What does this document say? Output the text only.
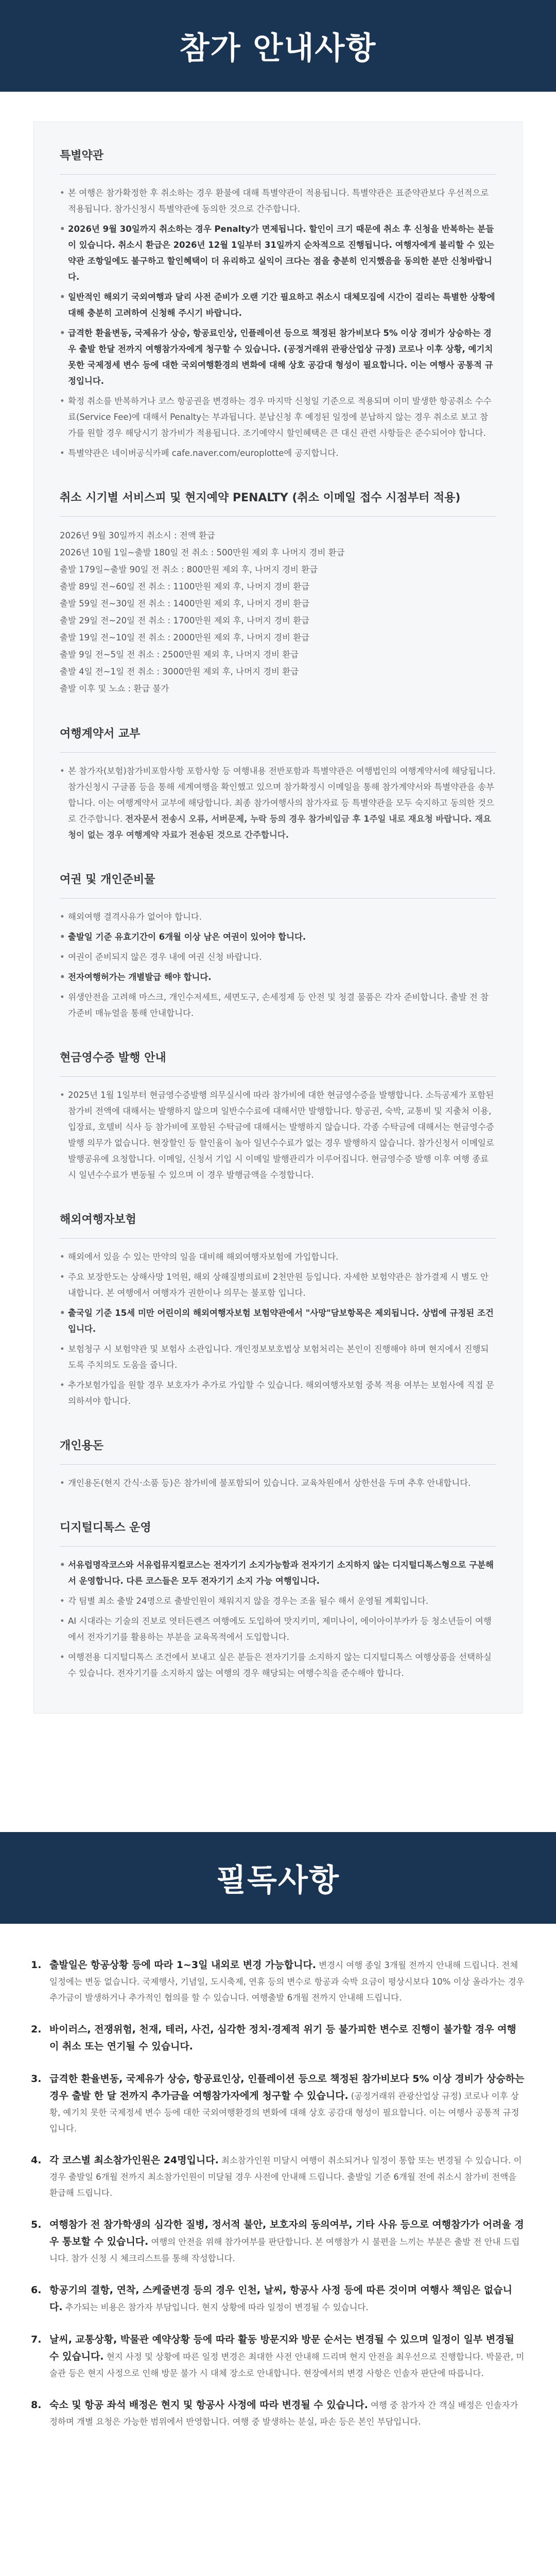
참가 안내사항
특별약관
• 본 여행은 참가확정한 후 취소하는 경우 환불에 대해 특별약관이 적용됩니다. 특별약관은 표준약관보다 우선적으로 적용됩니다. 참가신청시 특별약관에 동의한 것으로 간주합니다.
• 2026년 9월 30일까지 취소하는 경우 Penalty가 면제됩니다. 할인이 크기 때문에 취소 후 신청을 반복하는 분들이 있습니다. 취소시 환급은 2026년 12월 1일부터 31일까지 순차적으로 진행됩니다. 여행자에게 불리할 수 있는 약관 조항일에도 불구하고 할인혜택이 더 유리하고 실익이 크다는 점을 충분히 인지했음을 동의한 분만 신청바랍니다.
• 일반적인 해외기 국외여행과 달리 사전 준비가 오랜 기간 필요하고 취소시 대체모집에 시간이 걸리는 특별한 상황에 대해 충분히 고려하여 신청해 주시기 바랍니다.
• 급격한 환율변동, 국제유가 상승, 항공료인상, 인플레이션 등으로 책정된 참가비보다 5% 이상 경비가 상승하는 경우 출발 한달 전까지 여행참가자에게 청구할 수 있습니다. (공정거래위 관광산업상 규정) 코로나 이후 상황, 예기치 못한 국제정세 변수 등에 대한 국외여행환경의 변화에 대해 상호 공감대 형성이 필요합니다. 이는 여행사 공통적 규정입니다.
• 확정 취소를 반복하거나 코스 항공권을 변경하는 경우 마지막 신청일 기준으로 적용되며 이미 발생한 항공취소 수수료(Service Fee)에 대해서 Penalty는 부과됩니다. 분납신청 후 예정된 일정에 분납하지 않는 경우 취소로 보고 참가를 원할 경우 해당시기 참가비가 적용됩니다. 조기예약시 할인혜택은 큰 대신 관련 사항들은 준수되어야 합니다.
• 특별약관은 네이버공식카페 cafe.naver.com/europlotte에 공지합니다.
취소 시기별 서비스피 및 현지예약 PENALTY (취소 이메일 접수 시점부터 적용)
2026년 9월 30일까지 취소시 : 전액 환급
2026년 10월 1일~출발 180일 전 취소 : 500만원 제외 후 나머지 경비 환급
출발 179일~출발 90일 전 취소 : 800만원 제외 후, 나머지 경비 환급
출발 89일 전~60일 전 취소 : 1100만원 제외 후, 나머지 경비 환급
출발 59일 전~30일 전 취소 : 1400만원 제외 후, 나머지 경비 환급
출발 29일 전~20일 전 취소 : 1700만원 제외 후, 나머지 경비 환급
출발 19일 전~10일 전 취소 : 2000만원 제외 후, 나머지 경비 환급
출발 9일 전~5일 전 취소 : 2500만원 제외 후, 나머지 경비 환급
출발 4일 전~1일 전 취소 : 3000만원 제외 후, 나머지 경비 환급
출발 이후 및 노쇼 : 환급 불가
여행계약서 교부
• 본 참가자(보험)참가비포함사항 포함사항 등 여행내용 전반포함과 특별약관은 여행법인의 여행계약서에 해당됩니다. 참가신청시 구글폼 등을 통해 세계여행을 확인했고 있으며 참가확정시 이메일을 통해 참가계약서와 특별약관을 송부합니다. 이는 여행계약서 교부에 해당합니다. 최종 참가여행사의 참가자료 등 특별약관을 모두 숙지하고 동의한 것으로 간주합니다. 전자문서 전송시 오류, 서버문제, 누락 등의 경우 참가비입금 후 1주일 내로 재요청 바랍니다. 재요청이 없는 경우 여행계약 자료가 전송된 것으로 간주합니다.
여권 및 개인준비물
• 해외여행 결격사유가 없어야 합니다.
• 출발일 기준 유효기간이 6개월 이상 남은 여권이 있어야 합니다.
• 여권이 준비되지 않은 경우 내에 여권 신청 바랍니다.
• 전자여행허가는 개별발급 해야 합니다.
• 위생안전을 고려해 마스크, 개인수저세트, 세면도구, 손세정제 등 안전 및 청결 물품은 각자 준비합니다. 출발 전 참가준비 매뉴얼을 통해 안내합니다.
현금영수증 발행 안내
• 2025년 1월 1일부터 현금영수증발행 의무실시에 따라 참가비에 대한 현금영수증을 발행합니다. 소득공제가 포함된 참가비 전액에 대해서는 발행하지 않으며 일반수수료에 대해서만 발행합니다. 항공권, 숙박, 교통비 및 지출처 이용, 입장료, 호텔비 식사 등 참가비에 포함된 수탁금에 대해서는 발행하지 않습니다. 각종 수탁금에 대해서는 현금영수증 발행 의무가 없습니다. 현장할인 등 할인율이 높아 일년수수료가 없는 경우 발행하지 않습니다. 참가신청서 이메일로 발행공유에 요청합니다. 이메일, 신청서 기입 시 이메일 발행관리가 이루어집니다. 현금영수증 발행 이후 여행 종료시 일년수수료가 변동될 수 있으며 이 경우 발행금액을 수정합니다.
해외여행자보험
• 해외에서 있을 수 있는 만약의 일을 대비해 해외여행자보험에 가입합니다.
• 주요 보장한도는 상해사망 1억원, 해외 상해질병의료비 2천만원 등입니다. 자세한 보험약관은 참가결제 시 별도 안내합니다. 본 여행에서 여행자가 권한이나 의무는 불포함 입니다.
• 출국일 기준 15세 미만 어린이의 해외여행자보험 보험약관에서 "사망"담보항목은 제외됩니다. 상법에 규정된 조건입니다.
• 보험청구 시 보험약관 및 보험사 소관입니다. 개인정보보호법상 보험처리는 본인이 진행해야 하며 현지에서 진행되도록 주치의도 도움을 줍니다.
• 추가보험가입을 원할 경우 보호자가 추가로 가입할 수 있습니다. 해외여행자보험 중복 적용 여부는 보험사에 직접 문의하셔야 합니다.
개인용돈
• 개인용돈(현지 간식·소품 등)은 참가비에 불포함되어 있습니다. 교육차원에서 상한선을 두며 추후 안내합니다.
디지털디톡스 운영
• 서유럽명작코스와 서유럽뮤지컬코스는 전자기기 소지가능함과 전자기기 소지하지 않는 디지털디톡스형으로 구분해서 운영합니다. 다른 코스들은 모두 전자기기 소지 가능 여행입니다.
• 각 팀별 최소 출발 24명으로 출발인원이 채워지지 않을 경우는 조율 될수 해서 운영될 계획입니다.
• AI 시대라는 기술의 진보로 엿터든렌즈 여행에도 도입하여 맛지키미, 제미나이, 에이아이부카카 등 청소년들이 여행에서 전자기기를 활용하는 부분을 교육목적에서 도입합니다.
• 여행전용 디지털디톡스 조건에서 보내고 싶은 분들은 전자기기를 소지하지 않는 디지털디톡스 여행상품을 선택하실 수 있습니다. 전자기기를 소지하지 않는 여행의 경우 해당되는 여행수칙을 준수해야 합니다.
필독사항
1. 출발일은 항공상황 등에 따라 1~3일 내외로 변경 가능합니다. 변경시 여행 종일 3개월 전까지 안내해 드립니다. 전체 일정에는 변동 없습니다. 국제행사, 기념일, 도시축제, 연휴 등의 변수로 항공과 숙박 요금이 평상시보다 10% 이상 올라가는 경우 추가금이 발생하거나 추가적인 협의를 할 수 있습니다. 여행출발 6개월 전까지 안내해 드립니다.
2. 바이러스, 전쟁위험, 천재, 테러, 사건, 심각한 정치·경제적 위기 등 불가피한 변수로 진행이 불가할 경우 여행이 취소 또는 연기될 수 있습니다.
3. 급격한 환율변동, 국제유가 상승, 항공료인상, 인플레이션 등으로 책정된 참가비보다 5% 이상 경비가 상승하는 경우 출발 한 달 전까지 추가금을 여행참가자에게 청구할 수 있습니다. (공정거래위 관광산업상 규정) 코로나 이후 상황, 예기치 못한 국제정세 변수 등에 대한 국외여행환경의 변화에 대해 상호 공감대 형성이 필요합니다. 이는 여행사 공통적 규정입니다.
4. 각 코스별 최소참가인원은 24명입니다. 최소참가인원 미달시 여행이 취소되거나 일정이 통합 또는 변경될 수 있습니다. 이 경우 출발일 6개월 전까지 최소참가인원이 미달될 경우 사전에 안내해 드립니다. 출발일 기준 6개월 전에 취소시 참가비 전액을 환급해 드립니다.
5. 여행참가 전 참가학생의 심각한 질병, 정서적 불안, 보호자의 동의여부, 기타 사유 등으로 여행참가가 어려울 경우 통보할 수 있습니다. 여행의 안전을 위해 참가여부를 판단합니다. 본 여행참가 시 불편을 느끼는 부분은 출발 전 안내 드립니다. 참가 신청 시 체크리스트를 통해 작성합니다.
6. 항공기의 결항, 연착, 스케줄변경 등의 경우 인천, 날씨, 항공사 사정 등에 따른 것이며 여행사 책임은 없습니다. 추가되는 비용은 참가자 부담입니다. 현지 상황에 따라 일정이 변경될 수 있습니다.
7. 날씨, 교통상황, 박물관 예약상황 등에 따라 활동 방문지와 방문 순서는 변경될 수 있으며 일정이 일부 변경될 수 있습니다. 현지 사정 및 상황에 따른 일정 변경은 최대한 사전 안내해 드리며 현지 안전을 최우선으로 진행합니다. 박물관, 미술관 등은 현지 사정으로 인해 방문 불가 시 대체 장소로 안내합니다. 현장에서의 변경 사항은 인솔자 판단에 따릅니다.
8. 숙소 및 항공 좌석 배정은 현지 및 항공사 사정에 따라 변경될 수 있습니다. 여행 중 참가자 간 객실 배정은 인솔자가 정하며 개별 요청은 가능한 범위에서 반영합니다. 여행 중 발생하는 분실, 파손 등은 본인 부담입니다.
